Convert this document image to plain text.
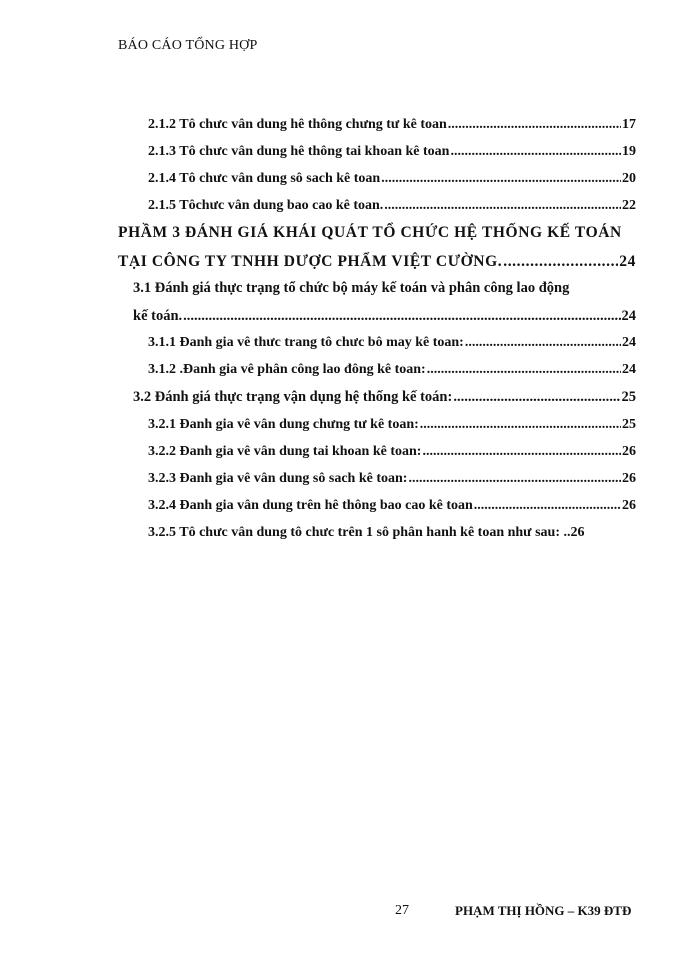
BÁO CÁO TỔNG HỢP
2.1.2 Tô chưc vân dung hê thông chưng tư kê toan .....	17
2.1.3 Tô chưc vân dung hê thông tai khoan kê toan .....	19
2.1.4 Tô chưc vân dung sô sach kê toan .....	20
2.1.5 Tôchưc vân dung bao cao kê toan. .....	22
PHẦM 3 ĐÁNH GIÁ KHÁI QUÁT TỔ CHỨC HỆ THỐNG KẾ TOÁN
TẠI CÔNG TY TNHH DƯỢC PHẨM VIỆT CƯỜNG. .....	24
3.1 Đánh giá thực trạng tổ chức bộ máy kế toán và phân công lao động
kế toán. .....	24
3.1.1 Đanh gia vê thưc trang tô chưc bô may kê toan: .....	24
3.1.2 .Đanh gia vê phân công lao đông kê toan: .....	24
3.2 Đánh giá thực trạng vận dụng hệ thống kế toán: .....	25
3.2.1 Đanh gia vê vân dung chưng tư kê toan: .....	25
3.2.2 Đanh gia vê vân dung tai khoan kê toan: .....	26
3.2.3 Đanh gia vê vân dung sô sach kê toan: .....	26
3.2.4 Đanh gia vân dung trên hê thông bao cao kê toan .....	26
3.2.5 Tô chưc vân dung tô chưc trên 1 sô phân hanh kê toan như sau: .. 26
27	PHẠM THỊ HỒNG – K39 ĐTĐ
